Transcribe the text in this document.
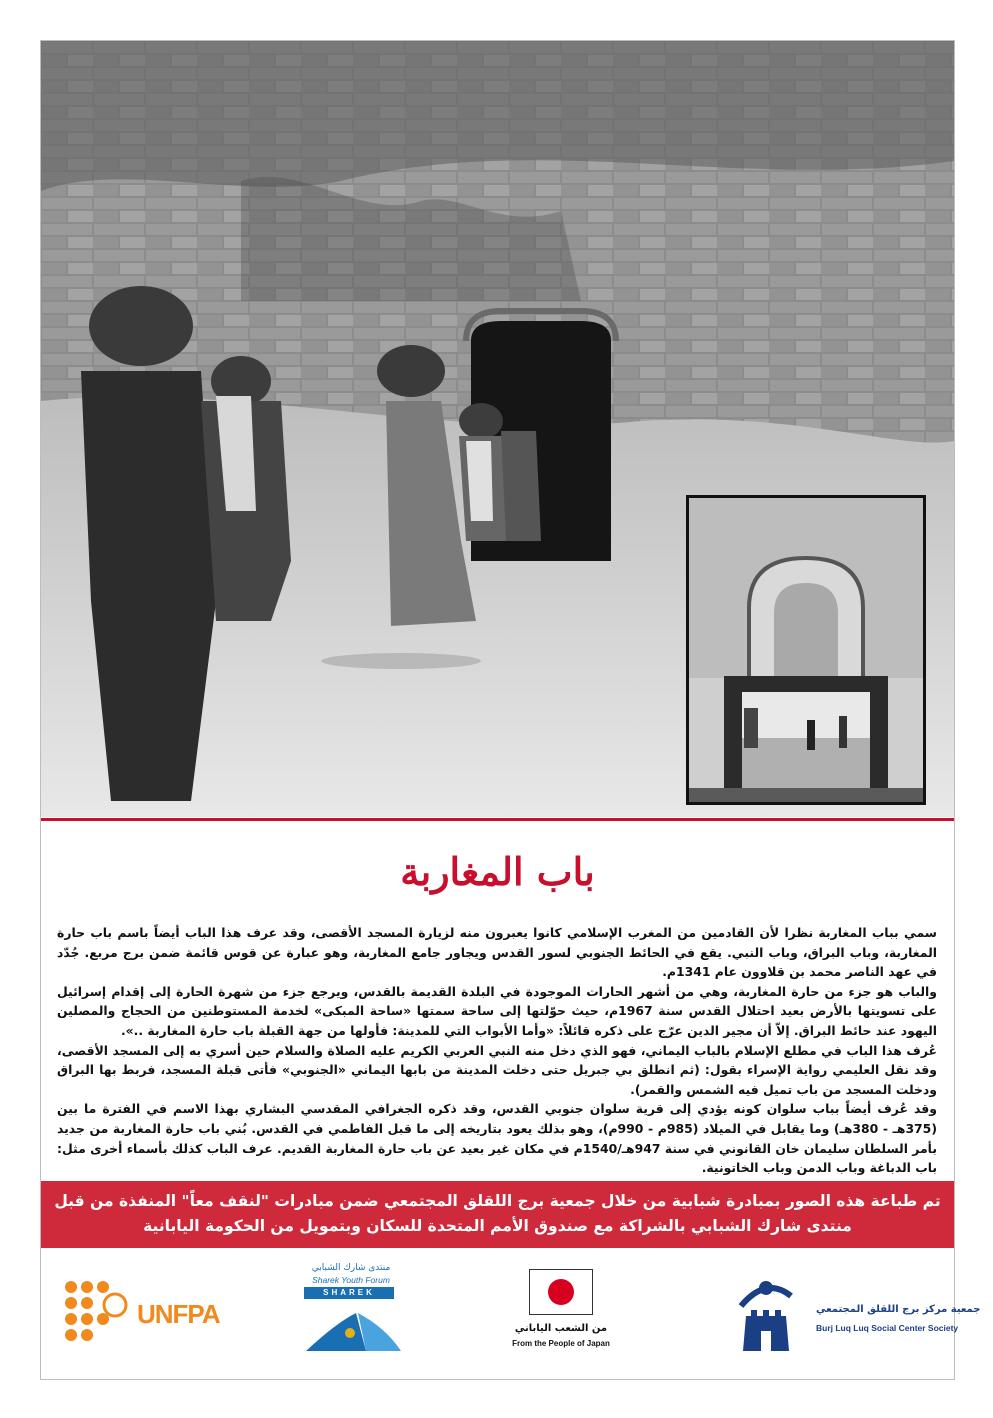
باب المغاربة

سمي بباب المغاربة نظرا لأن القادمين من المغرب الإسلامي كانوا يعبرون منه لزيارة المسجد الأقصى، وقد عرف هذا الباب أيضاً باسم باب حارة المغاربة، وباب البراق، وباب النبي. يقع في الحائط الجنوبي لسور القدس ويجاور جامع المغاربة، وهو عبارة عن قوس قائمة ضمن برج مربع. جُدّد في عهد الناصر محمد بن قلاوون عام 1341م.

والباب هو جزء من حارة المغاربة، وهي من أشهر الحارات الموجودة في البلدة القديمة بالقدس، ويرجع جزء من شهرة الحارة إلى إقدام إسرائيل على تسويتها بالأرض بعيد احتلال القدس سنة 1967م، حيث حوّلتها إلى ساحة سمتها «ساحة المبكى» لخدمة المستوطنين من الحجاج والمصلين اليهود عند حائط البراق. إلاّ أن مجير الدين عرّج على ذكره قائلاً: «وأما الأبواب التي للمدينة: فأولها من جهة القبلة باب حارة المغاربة ..».

عُرف هذا الباب في مطلع الإسلام بالباب اليماني، فهو الذي دخل منه النبي العربي الكريم عليه الصلاة والسلام حين أسري به إلى المسجد الأقصى، وقد نقل العليمي رواية الإسراء بقول: (ثم انطلق بي جبريل حتى دخلت المدينة من بابها اليماني «الجنوبي» فأتى قبلة المسجد، فربط بها البراق ودخلت المسجد من باب تميل فيه الشمس والقمر).

وقد عُرف أيضاً بباب سلوان كونه يؤدي إلى قرية سلوان جنوبي القدس، وقد ذكره الجغرافي المقدسي البشاري بهذا الاسم في الفترة ما بين (375هـ - 380هـ) وما يقابل في الميلاد (985م - 990م)، وهو بذلك يعود بتاريخه إلى ما قبل الفاطمي في القدس. بُني باب حارة المغاربة من جديد بأمر السلطان سليمان خان القانوني في سنة 947هـ/1540م في مكان غير بعيد عن باب حارة المغاربة القديم. عرف الباب كذلك بأسماء أخرى مثل: باب الدباغة وباب الدمن وباب الخاتونية.

تم طباعة هذه الصور بمبادرة شبابية من خلال جمعية برج اللقلق المجتمعي ضمن مبادرات "لنقف معاً" المنفذة من قبل
منتدى شارك الشبابي بالشراكة مع صندوق الأمم المتحدة للسكان وبتمويل من الحكومة اليابانية
UNFPA
منتدى شارك الشبابي
Sharek Youth Forum
SHAREK
من الشعب الياباني
From the People of Japan
جمعية مركز برج اللقلق المجتمعي
Burj Luq Luq Social Center Society
